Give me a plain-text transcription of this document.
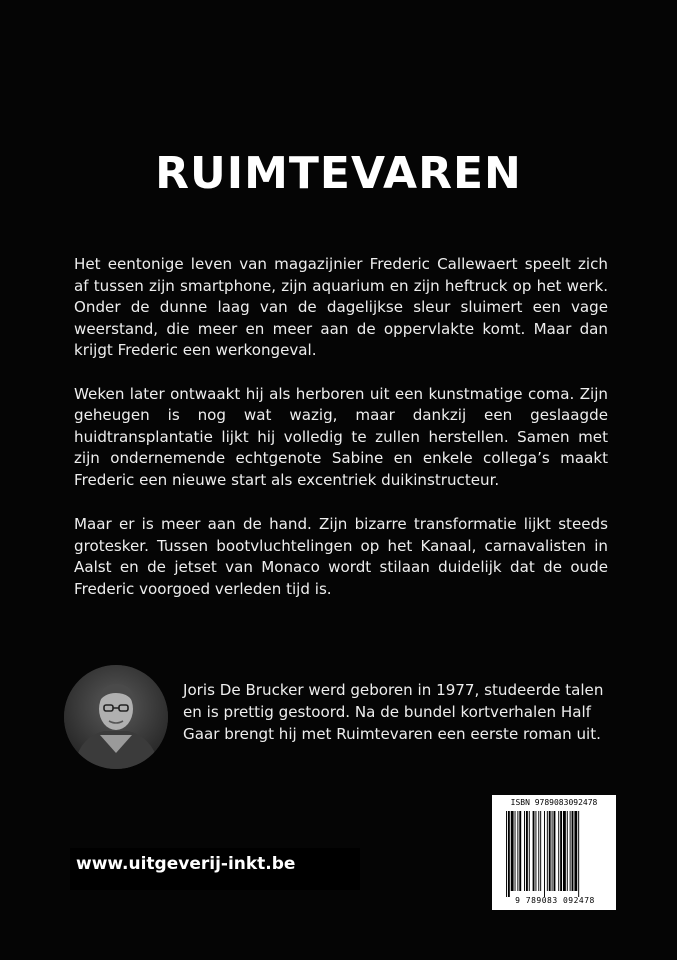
RUIMTEVAREN

Het eentonige leven van magazijnier Frederic Callewaert speelt zich af tussen zijn smartphone, zijn aquarium en zijn heftruck op het werk. Onder de dunne laag van de dagelijkse sleur sluimert een vage weerstand, die meer en meer aan de oppervlakte komt. Maar dan krijgt Frederic een werkongeval.

Weken later ontwaakt hij als herboren uit een kunstmatige coma. Zijn geheugen is nog wat wazig, maar dankzij een geslaagde huidtransplantatie lijkt hij volledig te zullen herstellen. Samen met zijn ondernemende echtgenote Sabine en enkele collega’s maakt Frederic een nieuwe start als excentriek duikinstructeur.

Maar er is meer aan de hand. Zijn bizarre transformatie lijkt steeds grotesker. Tussen bootvluchtelingen op het Kanaal, carnavalisten in Aalst en de jetset van Monaco wordt stilaan duidelijk dat de oude Frederic voorgoed verleden tijd is.

Joris De Brucker werd geboren in 1977, studeerde talen en is prettig gestoord. Na de bundel kortverhalen Half Gaar brengt hij met Ruimtevaren een eerste roman uit.

www.uitgeverij-inkt.be
ISBN 9789083092478
9 789083 092478
